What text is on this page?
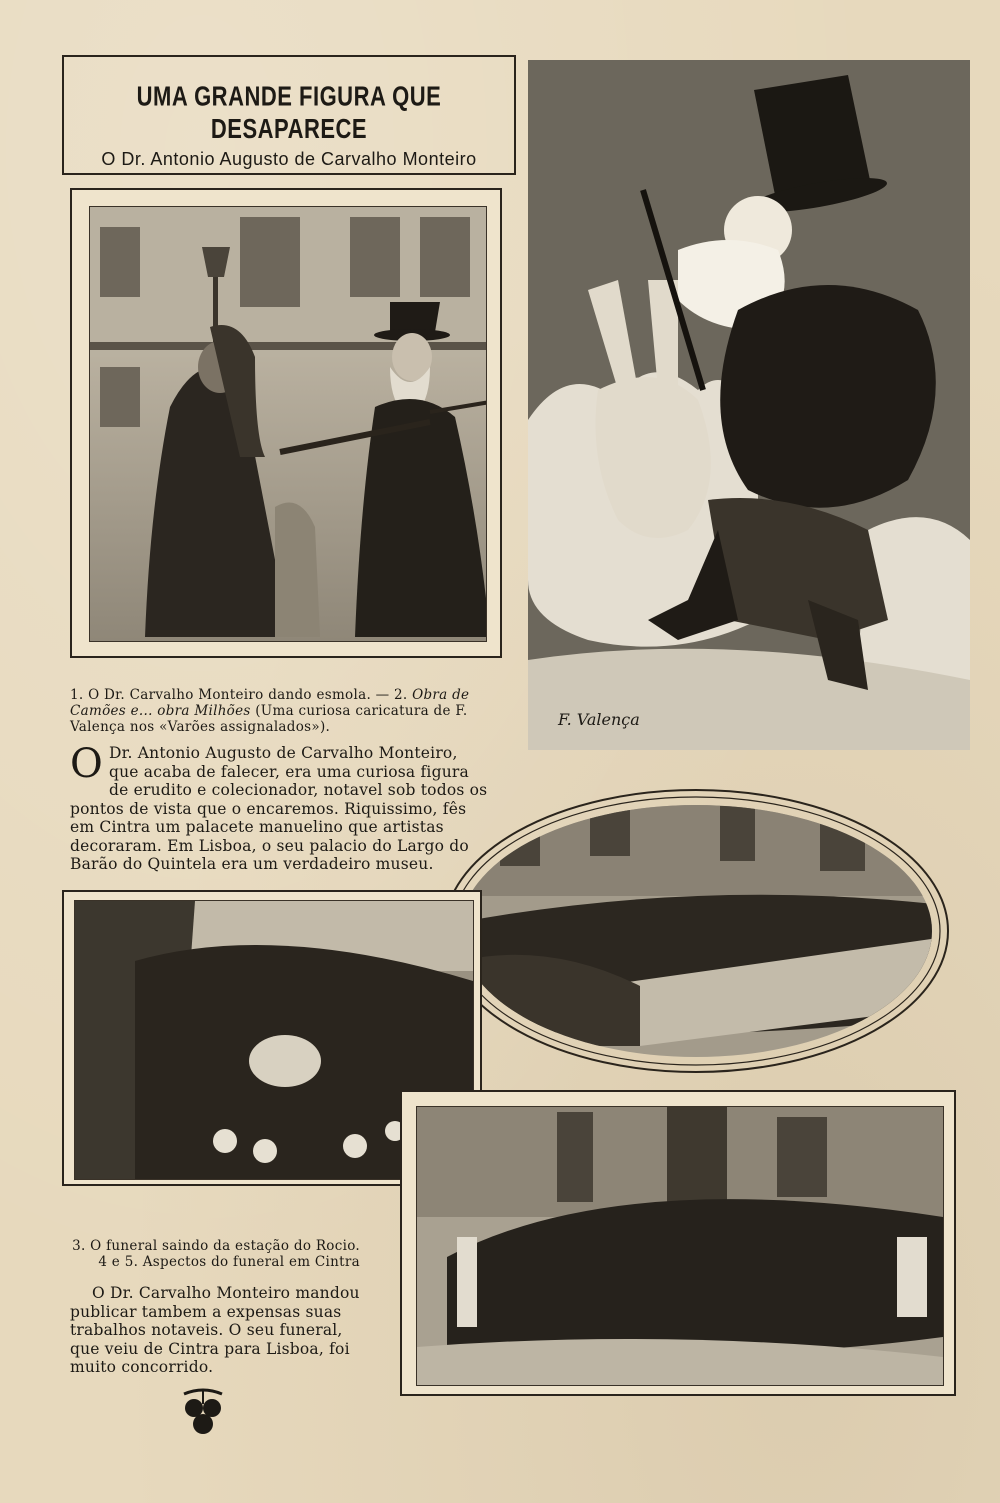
UMA GRANDE FIGURA QUE DESAPARECE
O Dr. Antonio Augusto de Carvalho Monteiro
F. Valença
1. O Dr. Carvalho Monteiro dando esmola. — 2. Obra de Camões e... obra Milhões (Uma curiosa caricatura de F. Valença nos «Varões assignalados»).
O Dr. Antonio Augusto de Carvalho Monteiro, que acaba de falecer, era uma curiosa figura de erudito e colecionador, notavel sob todos os pontos de vista que o encaremos. Riquissimo, fês em Cintra um palacete manuelino que artistas decoraram. Em Lisboa, o seu palacio do Largo do Barão do Quintela era um verdadeiro museu.
3. O funeral saindo da estação do Rocio.
4 e 5. Aspectos do funeral em Cintra
O Dr. Carvalho Monteiro mandou publicar tambem a expensas suas trabalhos notaveis. O seu funeral, que veiu de Cintra para Lisboa, foi muito concorrido.
